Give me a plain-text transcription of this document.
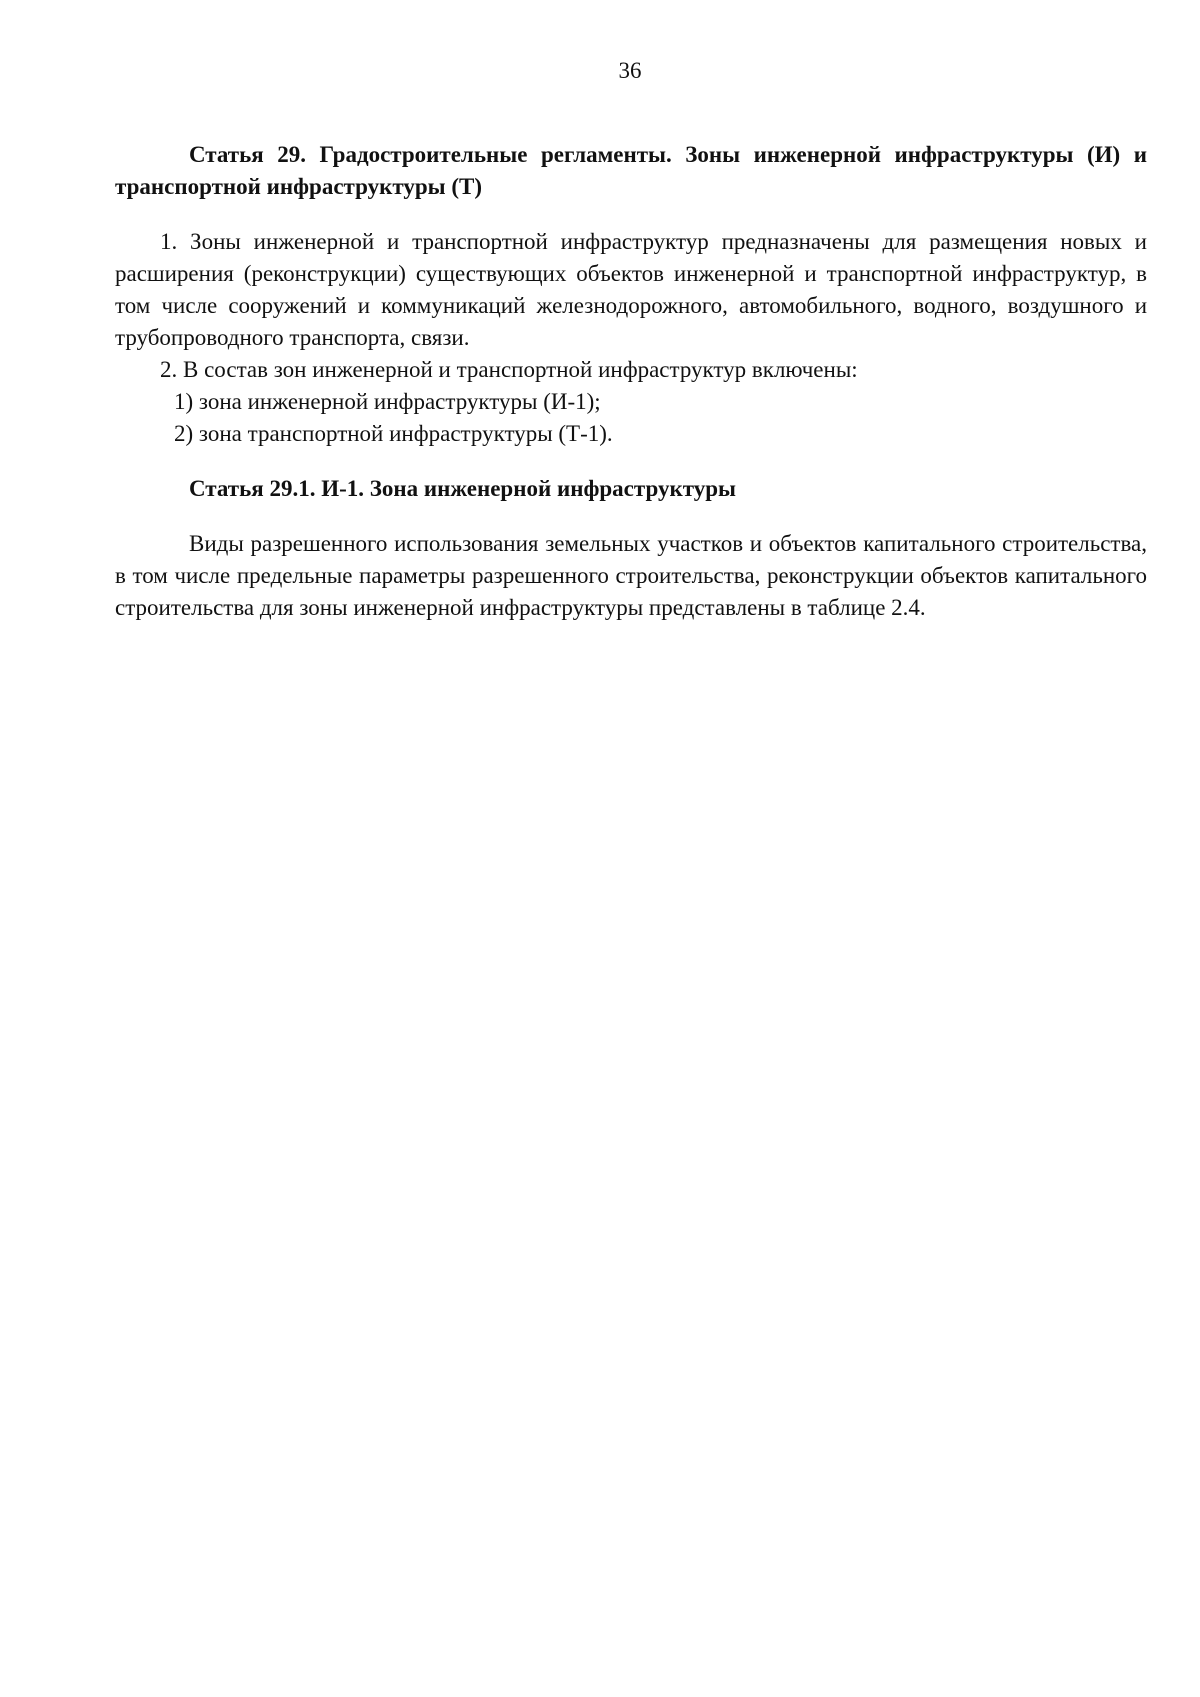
36

Статья 29. Градостроительные регламенты. Зоны инженерной инфраструктуры (И) и транспортной инфраструктуры (Т)

1. Зоны инженерной и транспортной инфраструктур предназначены для размещения новых и расширения (реконструкции) существующих объектов инженерной и транспортной инфраструктур, в том числе сооружений и коммуникаций железнодорожного, автомобильного, водного, воздушного и трубопроводного транспорта, связи.

2. В состав зон инженерной и транспортной инфраструктур включены:

1) зона инженерной инфраструктуры (И-1);

2) зона транспортной инфраструктуры (Т-1).

Статья 29.1. И-1. Зона инженерной инфраструктуры

Виды разрешенного использования земельных участков и объектов капитального строительства, в том числе предельные параметры разрешенного строительства, реконструкции объектов капитального строительства для зоны инженерной инфраструктуры представлены в таблице 2.4.
